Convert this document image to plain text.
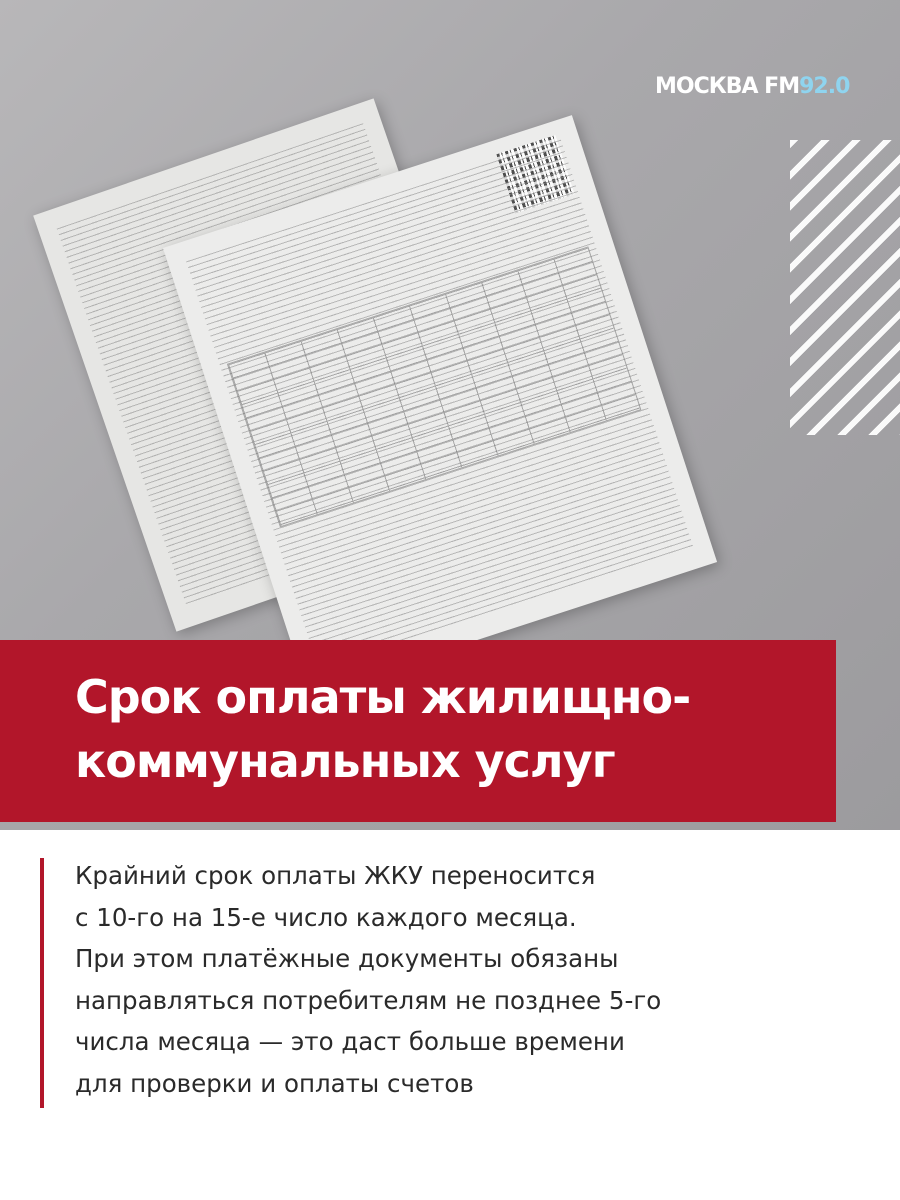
МОСКВА FM92.0
Срок оплаты жилищно-
коммунальных услуг

Крайний срок оплаты ЖКУ переносится
с 10-го на 15-е число каждого месяца.
При этом платёжные документы обязаны
направляться потребителям не позднее 5-го
числа месяца — это даст больше времени
для проверки и оплаты счетов
